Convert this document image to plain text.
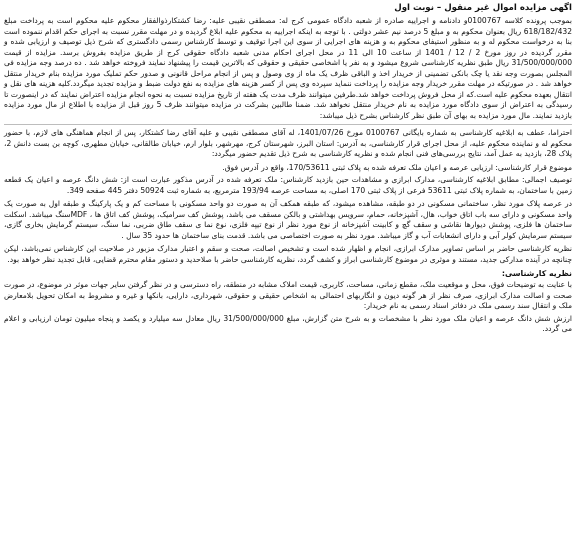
اگهی مزایده اموال غیر منقول – نوبت اول

بموجب پرونده کلاسه 0100767و دادنامه و اجراییه صادره از شعبه دادگاه عمومی کرج له: مصطفی نقیبی علیه: رضا کشتکارذوالفقار محکوم علیه محکوم است به پرداخت مبلغ 618/182/432 ریال بعنوان محکوم به و مبلغ 5 درصد نیم عشر دولتی . با توجه به اینکه اجراییه به محکوم علیه ابلاغ گردیده و در مهلت مقرر نسبت به اجرای حکم اقدام ننموده است بنا به درخواست محکوم له و به منظور استیفای محکوم به و هزینه های اجرایی از سوی این اجرا توقیف و توسط کارشناس رسمی دادگستری که شرح ذیل توصیف و ارزیابی شده و مقرر گردیده در روز مورخ 2 / 12 / 1401 از ساعت 10 الی 11 در محل اجرای احکام مدنی شعبه دادگاه حقوقی کرج از طریق مزایده بفروش برسد. مزایده از قیمت 31/500/000/000 ریال طبق نظریه کارشناسی شروع میشود و به نفر یا اشخاصی حقیقی و حقوقی که بالاترین قیمت را پیشنهاد نمایند فروخته خواهد شد . ده درصد وجه مزایده فی المجلس بصورت وجه نقد یا چک بانکی تضمینی از خریدار اخذ و الباقی ظرف یک ماه از وی وصول و پس از انجام مراحل قانونی و صدور حکم تملیک مورد مزایده بنام خریدار منتقل خواهد شد . در صورتیکه در مهلت مقرر خریدار وجه مزایده را پرداخت ننماید سپرده وی پس از کسر هزینه های مزایده به نفع دولت ضبط و مزایده تجدید میگردد.کلیه هزینه های نقل و انتقال بعهده محکوم علیه است.که از محل فروش پرداخت خواهد شد.طرفین میتوانند ظرف مدت یک هفته از تاریخ مزایده نسبت به نحوه انجام مزایده اعتراض نمایند که در اینصورت تا رسیدگی به اعتراض از سوی دادگاه مورد مزایده به نام خریدار منتقل نخواهد شد. ضمنا طالبین بشرکت در مزایده میتوانند ظرف 5 روز قبل از مزایده با اطلاع از مال مورد مزایده بازدید نمایند. مال مورد مزایده به بهای آن طبق نظر کارشناس بشرح ذیل میباشد:

احتراما، عطف به ابلاغیه کارشناسی به شماره بایگانی 0100767 مورخ 1401/07/26، له آقای مصطفی نقیبی و علیه آقای رضا کشتکار، پس از انجام هماهنگی های لازم، با حضور محکوم له و نماینده محکوم علیه، از محل اجرای قرار کارشناسی، به آدرس: استان البرز، شهرستان کرج، مهرشهر، بلوار ارم، خیابان طالقانی، خیابان مطهری، کوچه بن بست دانش 2، پلاک 28، بازدید به عمل آمد، نتایج بررسی‌های فنی انجام شده و نظریه کارشناسی به شرح ذیل تقدیم حضور میگردد:

موضوع قرار کارشناسی: ارزیابی عرصه و اعیان ملک تعرفه شده به پلاک ثبتی 170/53611، واقع در آدرس فوق.

توصیف اجمالی: مطابق ابلاغیه کارشناسی، مدارک ابرازی و مشاهدات حین بازدید کارشناس: ملک تعرفه شده در آدرس مذکور عبارت است از: شش دانگ عرصه و اعیان یک قطعه زمین با ساختمان، به شماره پلاک ثبتی 53611 فرعی از پلاک ثبتی 170 اصلی، به مساحت عرصه 193/94 مترمربع، به شماره ثبت 50924 دفتر 445 صفحه 349.

در عرصه پلاک مورد نظر، ساختمانی مسکونی در دو طبقه، مشاهده میشود، که طبقه همکف آن به صورت دو واحد مسکونی با مساحت کم و یک پارکینگ و طبقه اول به صورت یک واحد مسکونی و دارای سه باب اتاق خواب، هال، آشپزخانه، حمام، سرویس بهداشتی و بالکن مسقف می باشد، پوشش کف سرامیک، پوشش کف اتاق ها ، MDFسنگ میباشد. اسکلت ساختمان ها فلزی، پوشش دیوارها نقاشی و سقف گچ و کابینت آشپزخانه از نوع مورد نظر از نوع تیپه فلزی، نوع نما ی سقف طاق ضربی، نما سنگ، سیستم گرمایش بخاری گازی، سیستم سرمایش کولر آبی و دارای انشعابات آب و گاز میباشد. مورد نظر به صورت اختصاصی می باشد. قدمت بنای ساختمان ها حدود 35 سال .

نظریه کارشناسی حاضر بر اساس تصاویر مدارک ابرازی، انجام و اظهار شده است و تشخیص اصالت، صحت و سقم و اعتبار مدارک مزبور در صلاحیت این کارشناس نمی‌باشد، لیکن چنانچه در آینده مدارکی جدید، مستند و موثری در موضوع کارشناسی ابراز و کشف گردد، نظریه کارشناسی حاضر با صلاحدید و دستور مقام محترم قضایی، قابل تجدید نظر خواهد بود.

نظریه کارشناسی:

با عنایت به توضیحات فوق، محل و موقعیت ملک، مقطع زمانی، مساحت، کاربری، قیمت املاک مشابه در منطقه، راه دسترسی و در نظر گرفتن سایر جهات موثر در موضوع، در صورت صحت و اصالت مدارک ابرازی، صرف نظر از هر گونه دیون و انگاربهای احتمالی به اشخاص حقیقی و حقوقی، شهرداری، دارایی، بانکها و غیره و مشروط به امکان تحویل بلامعارض ملک و انتقال سند رسمی ملک در دفاتر اسناد رسمی به نام خریدار:

ارزش شش دانگ عرصه و اعیان ملک مورد نظر با مشخصات و به شرح متن گزارش، مبلغ 31/500/000/000 ریال معادل سه میلیارد و یکصد و پنجاه میلیون تومان ارزیابی و اعلام می گردد.
